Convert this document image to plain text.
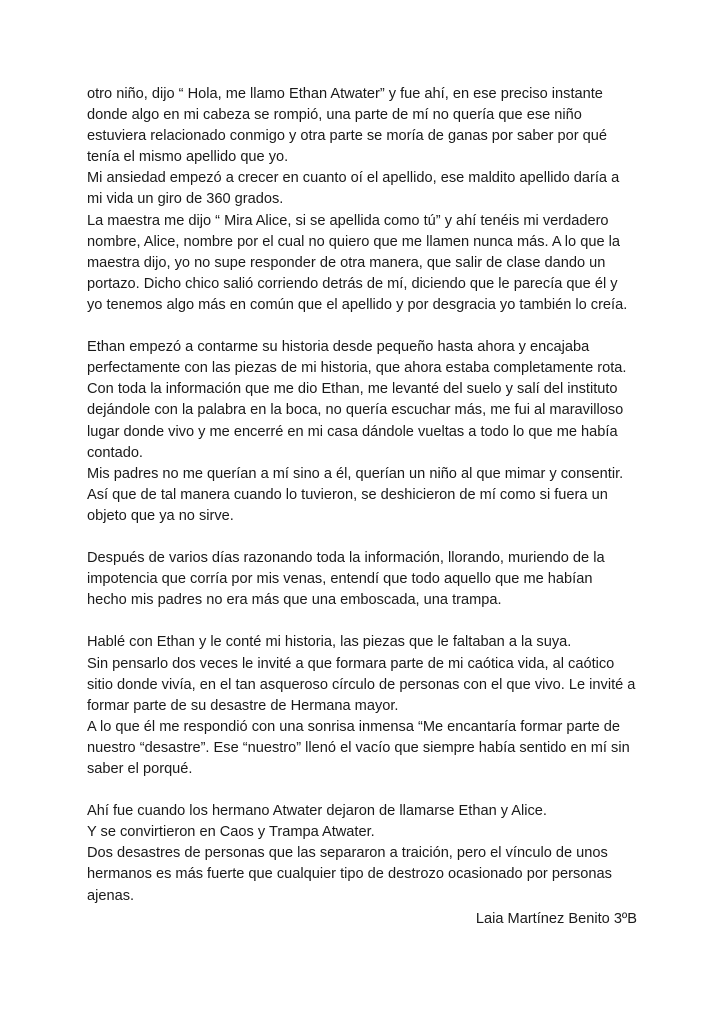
otro niño, dijo “ Hola, me llamo Ethan Atwater” y fue ahí, en ese preciso instante
donde algo en mi cabeza se rompió, una parte de mí no quería que ese niño
estuviera relacionado conmigo y otra parte se moría de ganas por saber por qué
tenía el mismo apellido que yo.
Mi ansiedad empezó a crecer en cuanto oí el apellido, ese maldito apellido daría a
mi vida un giro de 360 grados.
La maestra me dijo “ Mira Alice, si se apellida como tú” y ahí tenéis mi verdadero
nombre, Alice, nombre por el cual no quiero que me llamen nunca más. A lo que la
maestra dijo, yo no supe responder de otra manera, que salir de clase dando un
portazo. Dicho chico salió corriendo detrás de mí, diciendo que le parecía que él y
yo tenemos algo más en común que el apellido y por desgracia yo también lo creía.
Ethan empezó a contarme su historia desde pequeño hasta ahora y encajaba
perfectamente con las piezas de mi historia, que ahora estaba completamente rota.
Con toda la información que me dio Ethan, me levanté del suelo y salí del instituto
dejándole con la palabra en la boca, no quería escuchar más, me fui al maravilloso
lugar donde vivo y me encerré en mi casa dándole vueltas a todo lo que me había
contado.
Mis padres no me querían a mí sino a él, querían un niño al que mimar y consentir.
Así que de tal manera cuando lo tuvieron, se deshicieron de mí como si fuera un
objeto que ya no sirve.
Después de varios días razonando toda la información, llorando, muriendo de la
impotencia que corría por mis venas, entendí que todo aquello que me habían
hecho mis padres no era más que una emboscada, una trampa.
Hablé con Ethan y le conté mi historia, las piezas que le faltaban a la suya.
Sin pensarlo dos veces le invité a que formara parte de mi caótica vida, al caótico
sitio donde vivía, en el tan asqueroso círculo de personas con el que vivo. Le invité a
formar parte de su desastre de Hermana mayor.
A lo que él me respondió con una sonrisa inmensa “Me encantaría formar parte de
nuestro “desastre”. Ese “nuestro” llenó el vacío que siempre había sentido en mí sin
saber el porqué.
Ahí fue cuando los hermano Atwater dejaron de llamarse Ethan y Alice.
Y se convirtieron en Caos y Trampa Atwater.
Dos desastres de personas que las separaron a traición, pero el vínculo de unos
hermanos es más fuerte que cualquier tipo de destrozo ocasionado por personas
ajenas.
Laia Martínez Benito 3ºB
